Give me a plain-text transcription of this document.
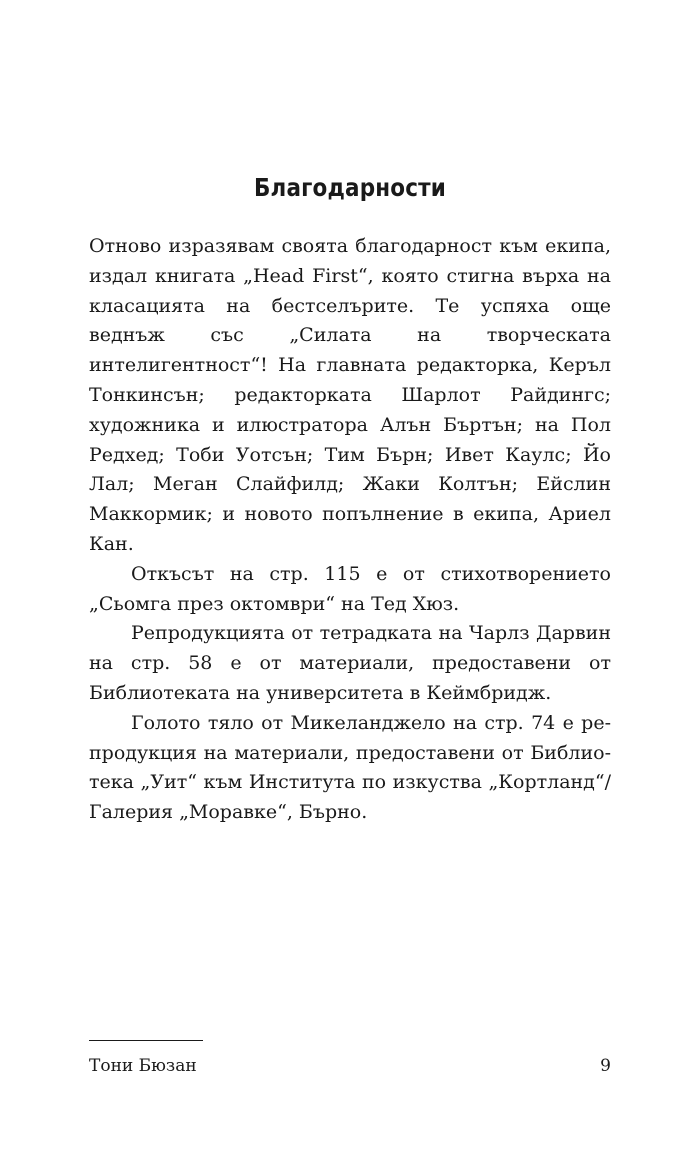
Благодарности

Отново изразявам своята благодарност към екипа, издал книгата „Head First“, която стигна върха на класацията на бестселърите. Те успяха още веднъж със „Силата на творческата интелигентност“! На главната редакторка, Керъл Тонкинсън; редакторката Шарлот Райдингс; художника и илюстратора Алън Бъртън; на Пол Редхед; Тоби Уотсън; Тим Бърн; Ивет Каулс; Йо Лал; Меган Слайфилд; Жаки Колтън; Ейслин Маккормик; и новото попълнение в екипа, Ариел Кан.

Откъсът на стр. 115 е от стихотворението „Сьомга през октомври“ на Тед Хюз.

Репродукцията от тетрадката на Чарлз Дарвин на стр. 58 е от материали, предоставени от Библиотеката на университета в Кеймбридж.

Голото тяло от Микеланджело на стр. 74 е репродукция на материали, предоставени от Библиотека „Уит“ към Института по изкуства „Кортланд“/ Галерия „Моравке“, Бърно.

Тони Бюзан	9
